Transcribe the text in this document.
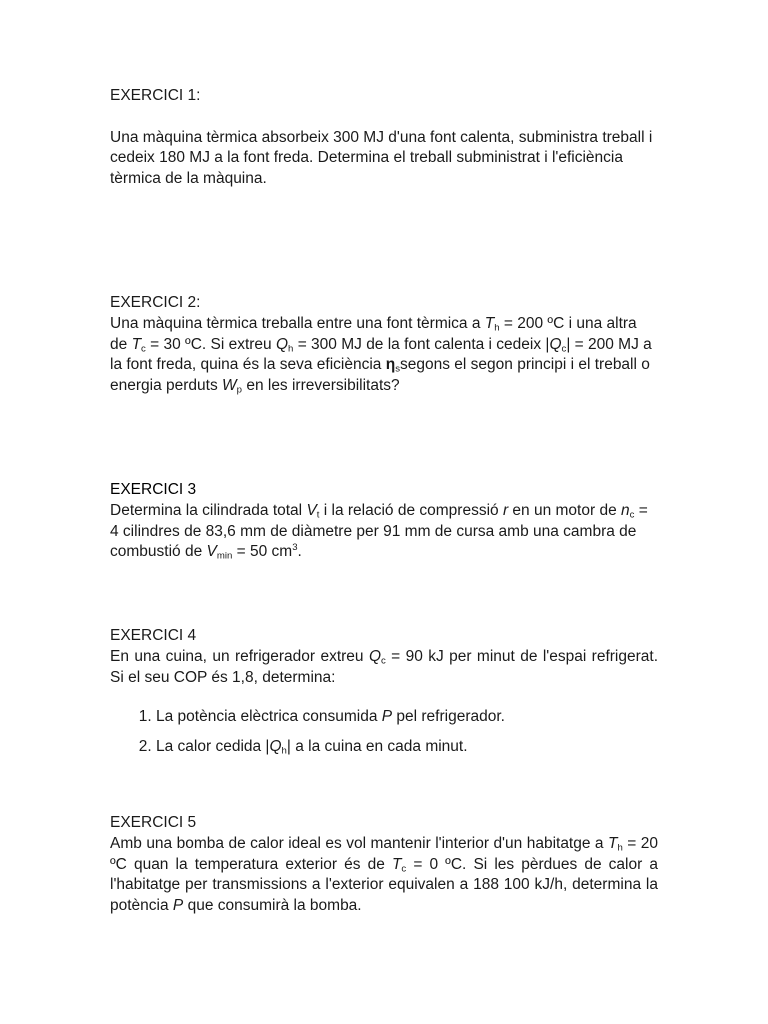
EXERCICI 1:

Una màquina tèrmica absorbeix 300 MJ d'una font calenta, subministra treball i cedeix 180 MJ a la font freda. Determina el treball subministrat i l'eficiència tèrmica de la màquina.

EXERCICI 2:

Una màquina tèrmica treballa entre una font tèrmica a $T_h = 200$ ºC i una altra de $T_c = 30$ ºC. Si extreu $Q_h = 300$ MJ de la font calenta i cedeix $|Q_c| = 200$ MJ a la font freda, quina és la seva eficiència $\eta_ssegons$ el segon principi i el treball o energia perduts $W_p$ en les irreversibilitats?

EXERCICI 3

Determina la cilindrada total $V_t$ i la relació de compressió r en un motor de $n_c = 4$ cilindres de 83,6 mm de diàmetre per 91 mm de cursa amb una cambra de combustió de $V_{min} = 50$ $cm^3$.

EXERCICI 4

En una cuina, un refrigerador extreu $Q_c = 90$ kJ per minut de l'espai refrigerat. Si el seu COP és 1,8, determina:

1. La potència elèctrica consumida P pel refrigerador.
2. La calor cedida $|Q_h|$ a la cuina en cada minut.

EXERCICI 5

Amb una bomba de calor ideal es vol mantenir l'interior d'un habitatge a $T_h = 20$ ºC quan la temperatura exterior és de $T_c = 0$ ºC. Si les pèrdues de calor a l'habitatge per transmissions a l'exterior equivalen a 188 100 kJ/h, determina la potència P que consumirà la bomba.
